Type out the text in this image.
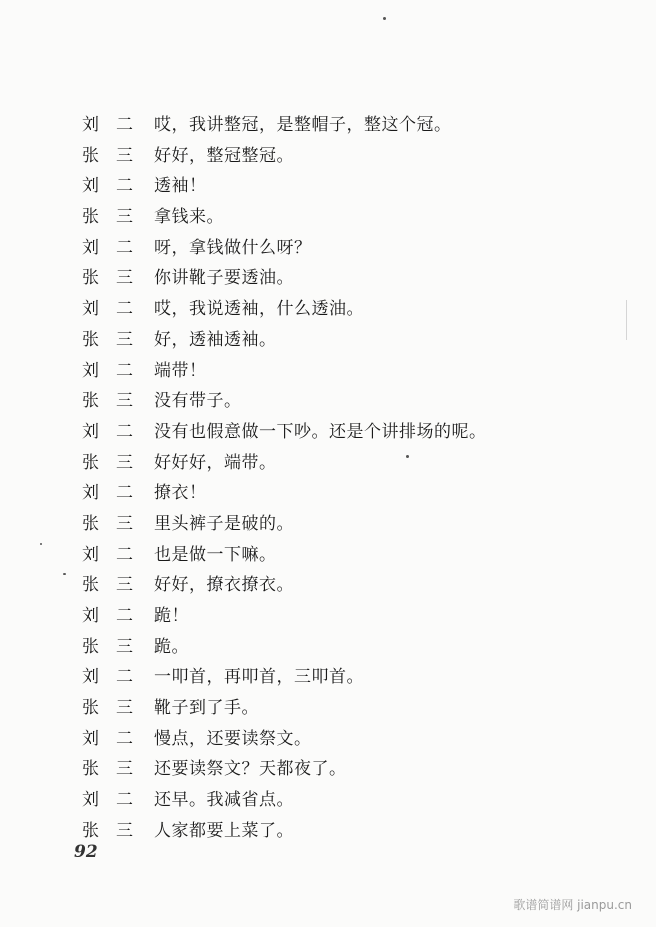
刘　二	哎，我讲整冠，是整帽子，整这个冠。
张　三	好好，整冠整冠。
刘　二	透袖！
张　三	拿钱来。
刘　二	呀，拿钱做什么呀？
张　三	你讲靴子要透油。
刘　二	哎，我说透袖，什么透油。
张　三	好，透袖透袖。
刘　二	端带！
张　三	没有带子。
刘　二	没有也假意做一下吵。还是个讲排场的呢。
张　三	好好好，端带。
刘　二	撩衣！
张　三	里头裤子是破的。
刘　二	也是做一下嘛。
张　三	好好，撩衣撩衣。
刘　二	跪！
张　三	跪。
刘　二	一叩首，再叩首，三叩首。
张　三	靴子到了手。
刘　二	慢点，还要读祭文。
张　三	还要读祭文？天都夜了。
刘　二	还早。我减省点。
张　三	人家都要上菜了。
92
歌谱简谱网 jianpu.cn
